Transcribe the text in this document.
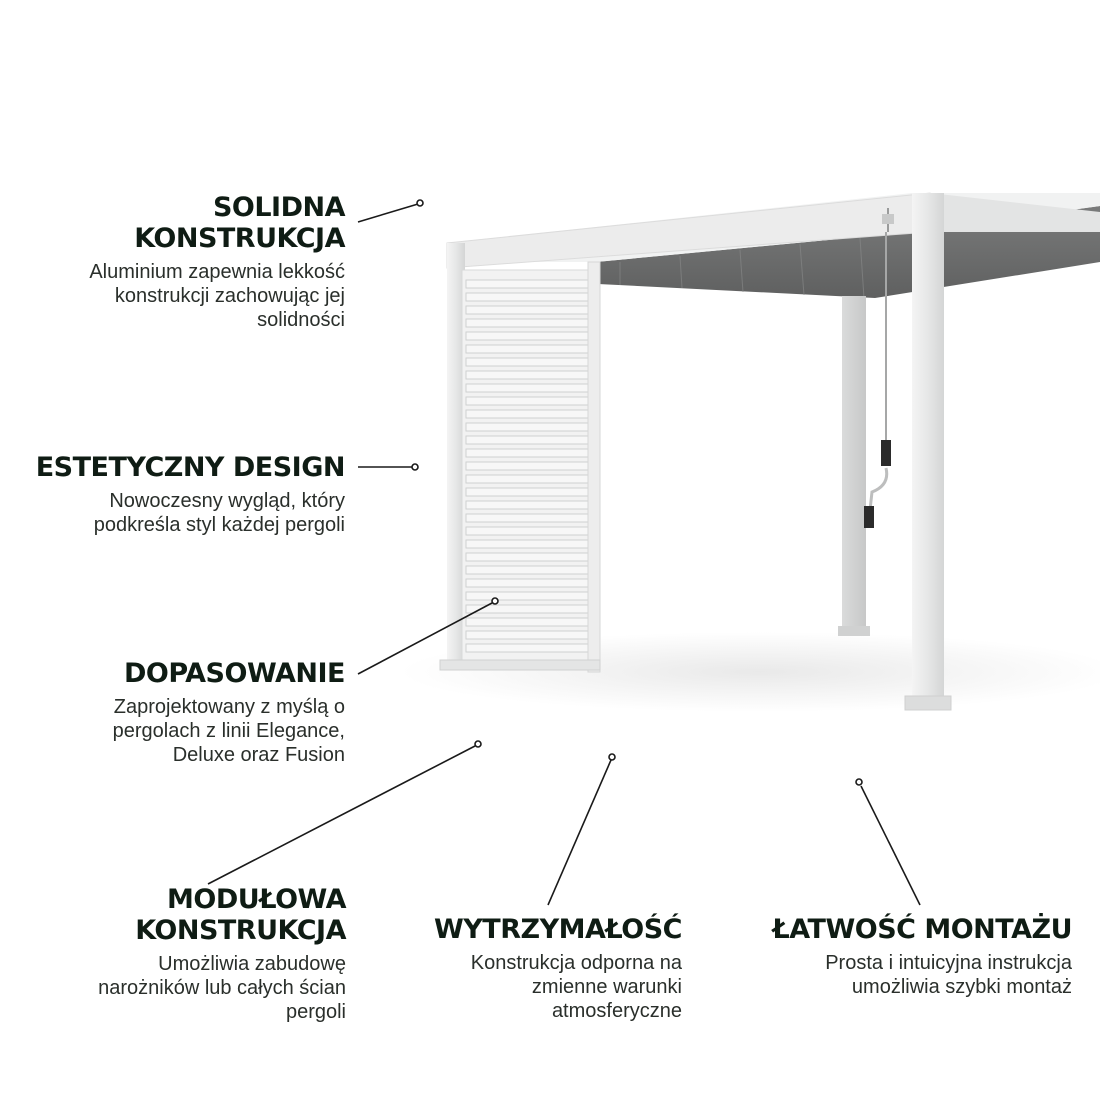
SOLIDNA
KONSTRUKCJA

Aluminium zapewnia lekkość
konstrukcji zachowując jej
solidności

ESTETYCZNY DESIGN

Nowoczesny wygląd, który
podkreśla styl każdej pergoli

DOPASOWANIE

Zaprojektowany z myślą o
pergolach z linii Elegance,
Deluxe oraz Fusion

MODUŁOWA
KONSTRUKCJA

Umożliwia zabudowę
narożników lub całych ścian
pergoli

WYTRZYMAŁOŚĆ

Konstrukcja odporna na
zmienne warunki
atmosferyczne

ŁATWOŚĆ MONTAŻU

Prosta i intuicyjna instrukcja
umożliwia szybki montaż
